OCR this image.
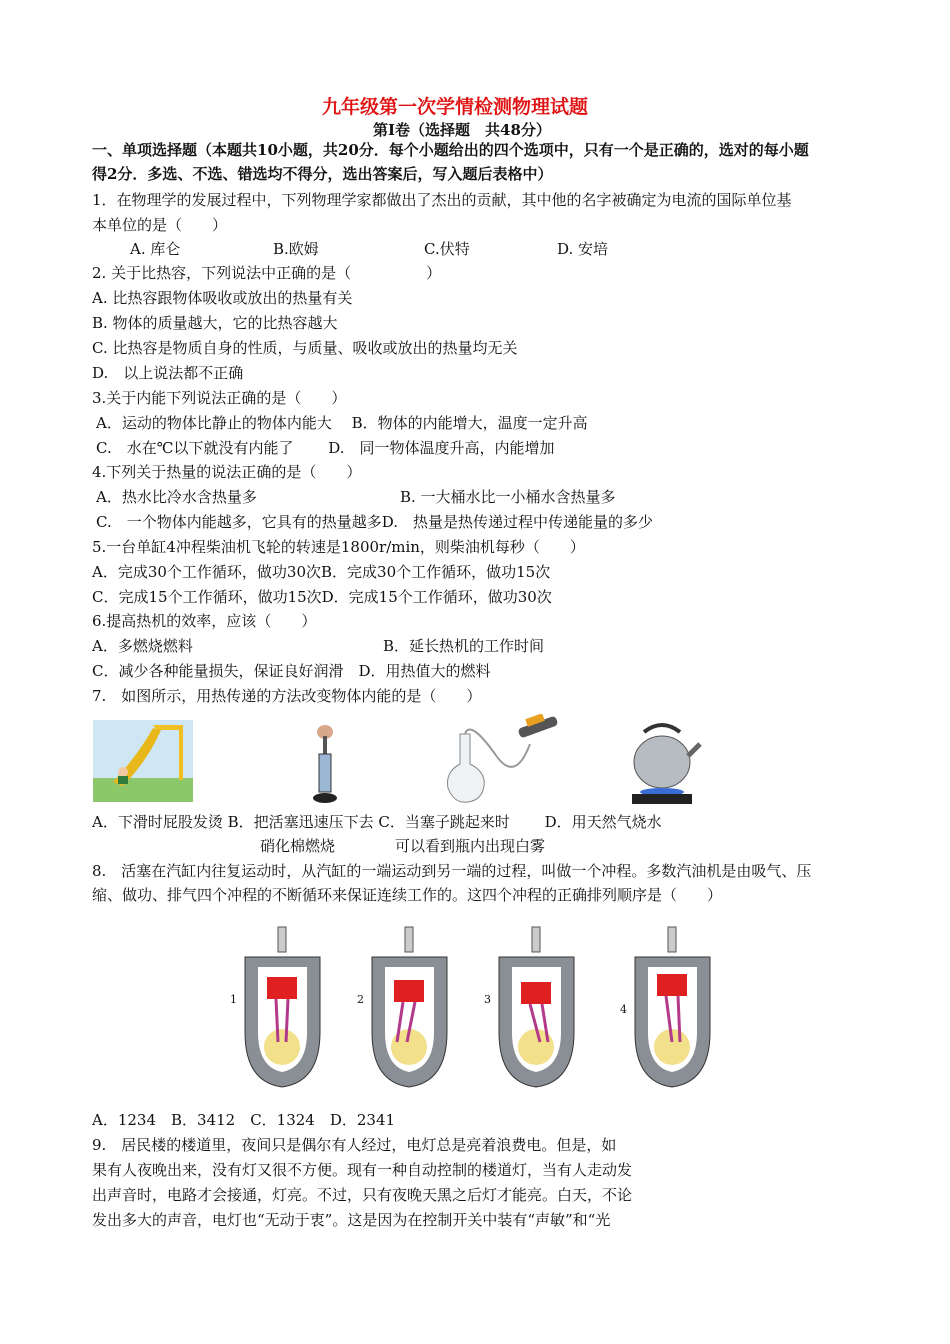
九年级第一次学情检测物理试题
第Ⅰ卷（选择题　共48分）
一、单项选择题（本题共10小题，共20分．每个小题给出的四个选项中，只有一个是正确的，选对的每小题
得2分．多选、不选、错选均不得分，选出答案后，写入题后表格中）
1．在物理学的发展过程中，下列物理学家都做出了杰出的贡献，其中他的名字被确定为电流的国际单位基
本单位的是（　　）
A. 库仑	B.欧姆	C.伏特	D. 安培
2. 关于比热容，下列说法中正确的是（　　　　　）
A. 比热容跟物体吸收或放出的热量有关
B. 物体的质量越大，它的比热容越大
C. 比热容是物质自身的性质，与质量、吸收或放出的热量均无关
D.　以上说法都不正确
3.关于内能下列说法正确的是（　　）
A．运动的物体比静止的物体内能大　 B．物体的内能增大，温度一定升高
C.　水在℃以下就没有内能了　　 D.　同一物体温度升高，内能增加
4.下列关于热量的说法正确的是（　　）
A．热水比冷水含热量多	B. 一大桶水比一小桶水含热量多
C.　一个物体内能越多，它具有的热量越多D.　热量是热传递过程中传递能量的多少
5.一台单缸4冲程柴油机飞轮的转速是1800r/min，则柴油机每秒（　　）
A．完成30个工作循环，做功30次B．完成30个工作循环，做功15次
C．完成15个工作循环，做功15次D．完成15个工作循环，做功30次
6.提高热机的效率，应该（　　）
A．多燃烧燃料	B．延长热机的工作时间
C．减少各种能量损失，保证良好润滑　D．用热值大的燃料
7.　如图所示，用热传递的方法改变物体内能的是（　　）
A．下滑时屁股发烫 B．把活塞迅速压下去 C．当塞子跳起来时　　 D．用天然气烧水
硝化棉燃烧　　　　可以看到瓶内出现白雾
8.　活塞在汽缸内往复运动时，从汽缸的一端运动到另一端的过程，叫做一个冲程。多数汽油机是由吸气、压
缩、做功、排气四个冲程的不断循环来保证连续工作的。这四个冲程的正确排列顺序是（　　）
1	2	3
4
A．1234　B．3412　C．1324　D．2341
9.　居民楼的楼道里，夜间只是偶尔有人经过，电灯总是亮着浪费电。但是，如
果有人夜晚出来，没有灯又很不方便。现有一种自动控制的楼道灯，当有人走动发
出声音时，电路才会接通，灯亮。不过，只有夜晚天黑之后灯才能亮。白天，不论
发出多大的声音，电灯也“无动于衷”。这是因为在控制开关中装有“声敏”和“光
